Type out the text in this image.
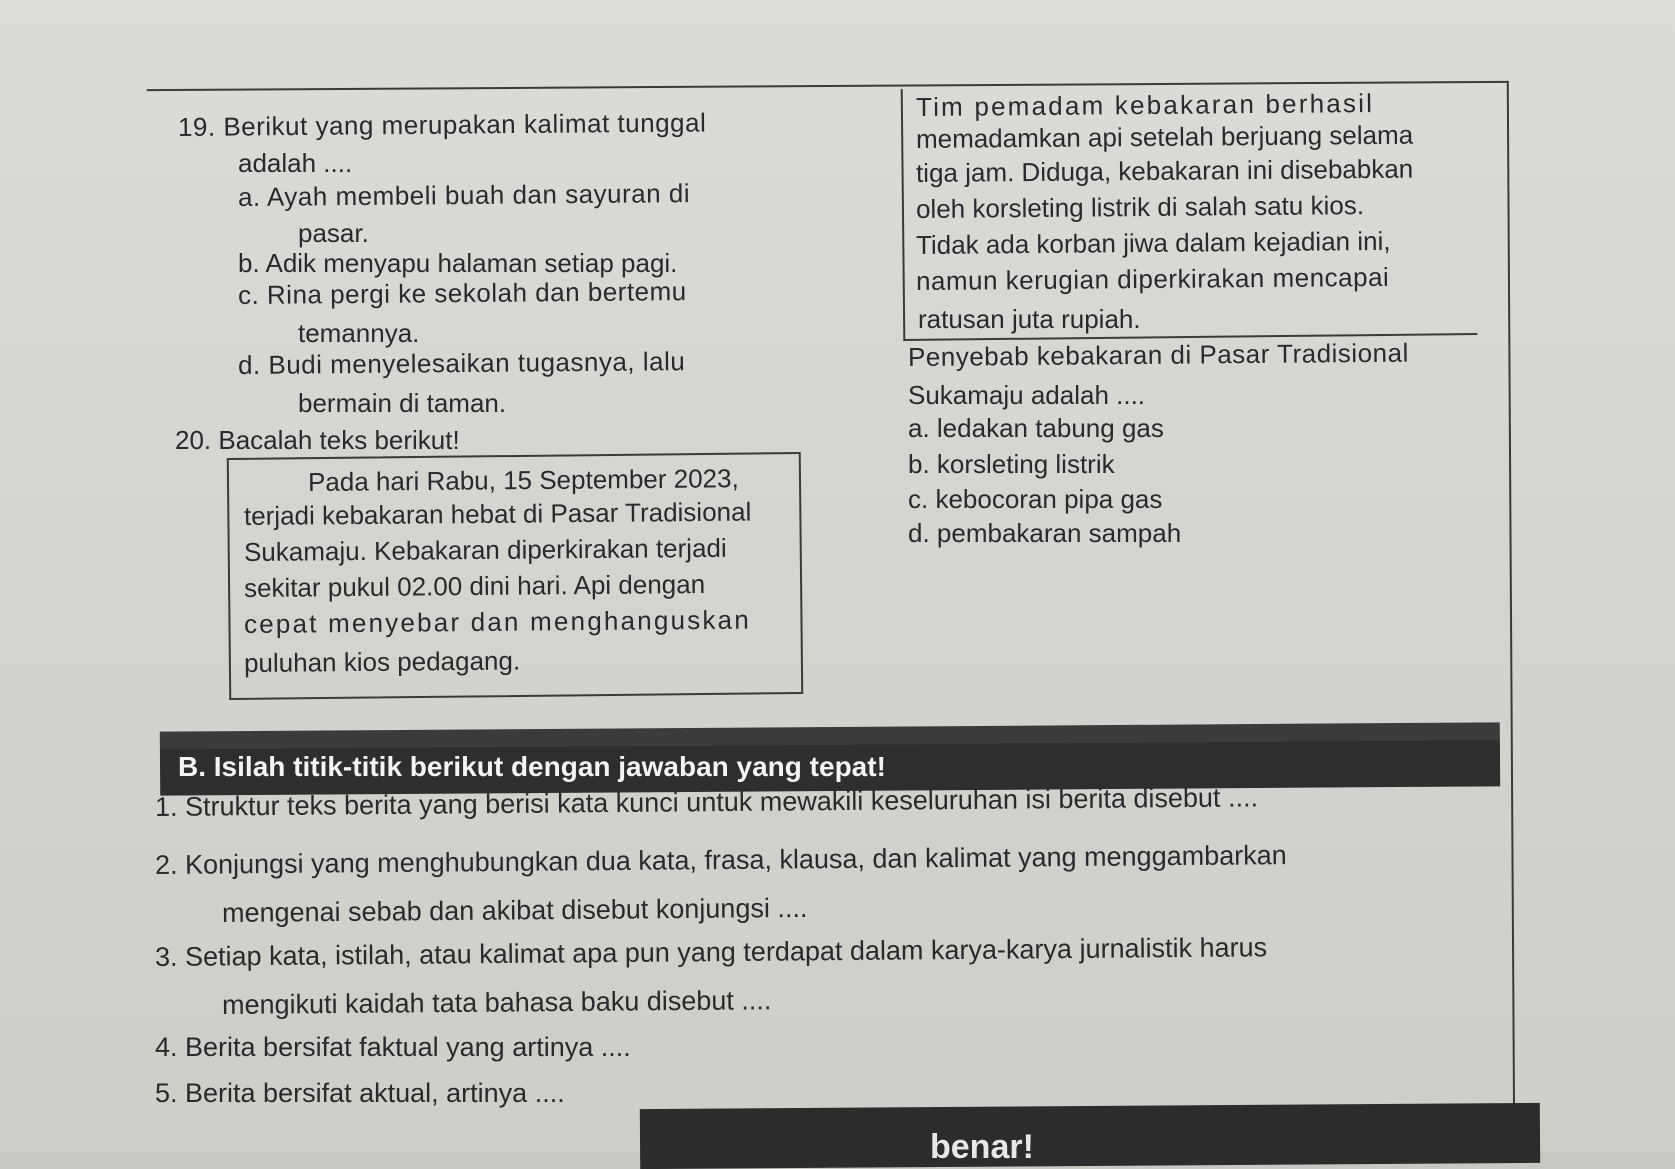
19. Berikut yang merupakan kalimat tunggal
adalah ....
a. Ayah membeli buah dan sayuran di
pasar.
b. Adik menyapu halaman setiap pagi.
c. Rina pergi ke sekolah dan bertemu
temannya.
d. Budi menyelesaikan tugasnya, lalu
bermain di taman.
20. Bacalah teks berikut!
Pada hari Rabu, 15 September 2023,
terjadi kebakaran hebat di Pasar Tradisional
Sukamaju. Kebakaran diperkirakan terjadi
sekitar pukul 02.00 dini hari. Api dengan
cepat menyebar dan menghanguskan
puluhan kios pedagang.
Tim pemadam kebakaran berhasil
memadamkan api setelah berjuang selama
tiga jam. Diduga, kebakaran ini disebabkan
oleh korsleting listrik di salah satu kios.
Tidak ada korban jiwa dalam kejadian ini,
namun kerugian diperkirakan mencapai
ratusan juta rupiah.
Penyebab kebakaran di Pasar Tradisional
Sukamaju adalah ....
a. ledakan tabung gas
b. korsleting listrik
c. kebocoran pipa gas
d. pembakaran sampah
B. Isilah titik-titik berikut dengan jawaban yang tepat!
1. Struktur teks berita yang berisi kata kunci untuk mewakili keseluruhan isi berita disebut ....
2. Konjungsi yang menghubungkan dua kata, frasa, klausa, dan kalimat yang menggambarkan
mengenai sebab dan akibat disebut konjungsi ....
3. Setiap kata, istilah, atau kalimat apa pun yang terdapat dalam karya-karya jurnalistik harus
mengikuti kaidah tata bahasa baku disebut ....
4. Berita bersifat faktual yang artinya ....
5. Berita bersifat aktual, artinya ....
benar!
